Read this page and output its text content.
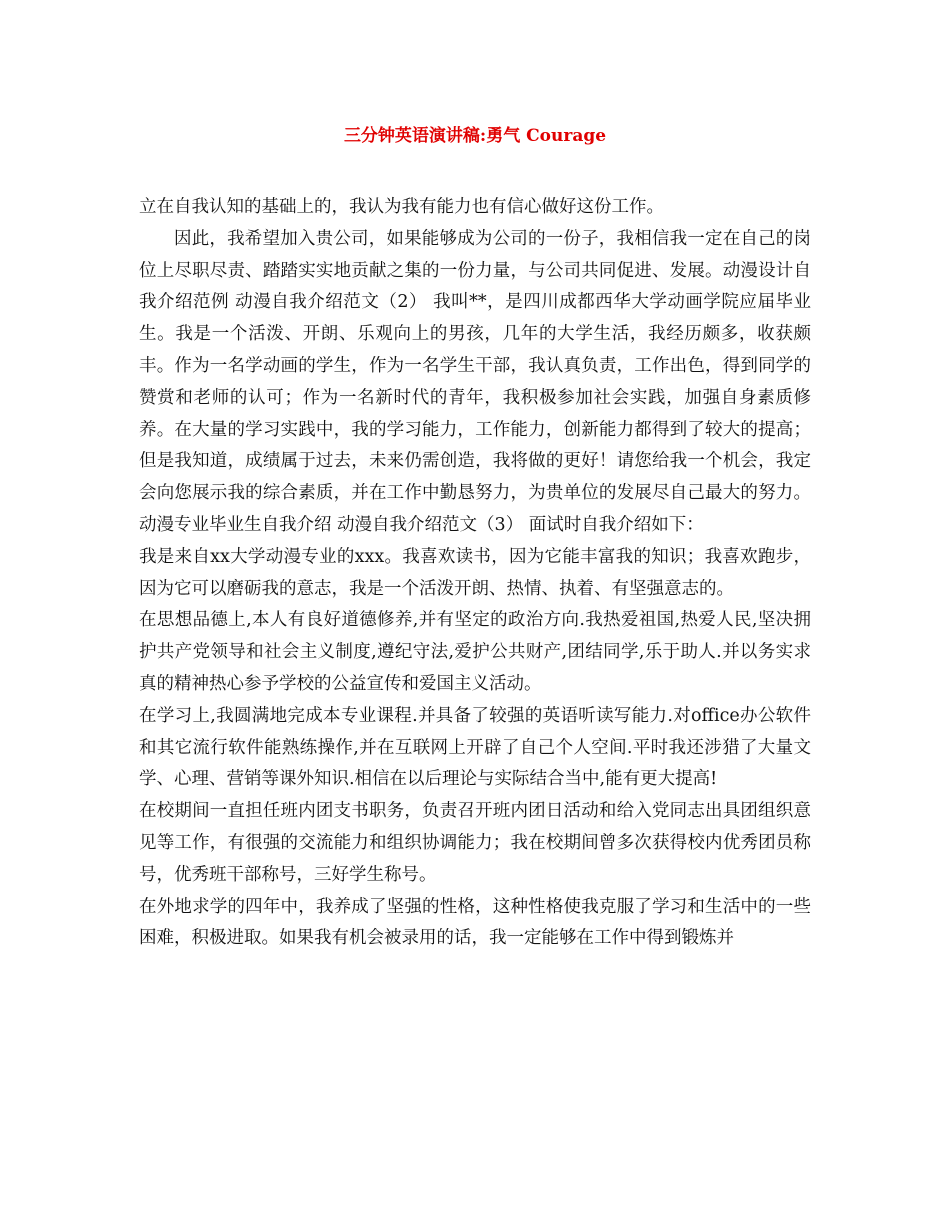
三分钟英语演讲稿:勇气 Courage

立在自我认知的基础上的，我认为我有能力也有信心做好这份工作。

因此，我希望加入贵公司，如果能够成为公司的一份子，我相信我一定在自己的岗位上尽职尽责、踏踏实实地贡献之集的一份力量，与公司共同促进、发展。动漫设计自我介绍范例 动漫自我介绍范文（2） 我叫**，是四川成都西华大学动画学院应届毕业生。我是一个活泼、开朗、乐观向上的男孩，几年的大学生活，我经历颇多，收获颇丰。作为一名学动画的学生，作为一名学生干部，我认真负责，工作出色，得到同学的赞赏和老师的认可；作为一名新时代的青年，我积极参加社会实践，加强自身素质修养。在大量的学习实践中，我的学习能力，工作能力，创新能力都得到了较大的提高；但是我知道，成绩属于过去，未来仍需创造，我将做的更好！请您给我一个机会，我定会向您展示我的综合素质，并在工作中勤恳努力，为贵单位的发展尽自己最大的努力。动漫专业毕业生自我介绍 动漫自我介绍范文（3） 面试时自我介绍如下：

我是来自xx大学动漫专业的xxx。我喜欢读书，因为它能丰富我的知识；我喜欢跑步，因为它可以磨砺我的意志，我是一个活泼开朗、热情、执着、有坚强意志的。

在思想品德上,本人有良好道德修养,并有坚定的政治方向.我热爱祖国,热爱人民,坚决拥 护共产党领导和社会主义制度,遵纪守法,爱护公共财产,团结同学,乐于助人.并以务实求真的精神热心参予学校的公益宣传和爱国主义活动。

在学习上,我圆满地完成本专业课程.并具备了较强的英语听读写能力.对office办公软件和其它流行软件能熟练操作,并在互联网上开辟了自己个人空间.平时我还涉猎了大量文学、心理、营销等课外知识.相信在以后理论与实际结合当中,能有更大提高!

在校期间一直担任班内团支书职务，负责召开班内团日活动和给入党同志出具团组织意见等工作，有很强的交流能力和组织协调能力；我在校期间曾多次获得校内优秀团员称号，优秀班干部称号，三好学生称号。

在外地求学的四年中，我养成了坚强的性格，这种性格使我克服了学习和生活中的一些困难，积极进取。如果我有机会被录用的话，我一定能够在工作中得到锻炼并
